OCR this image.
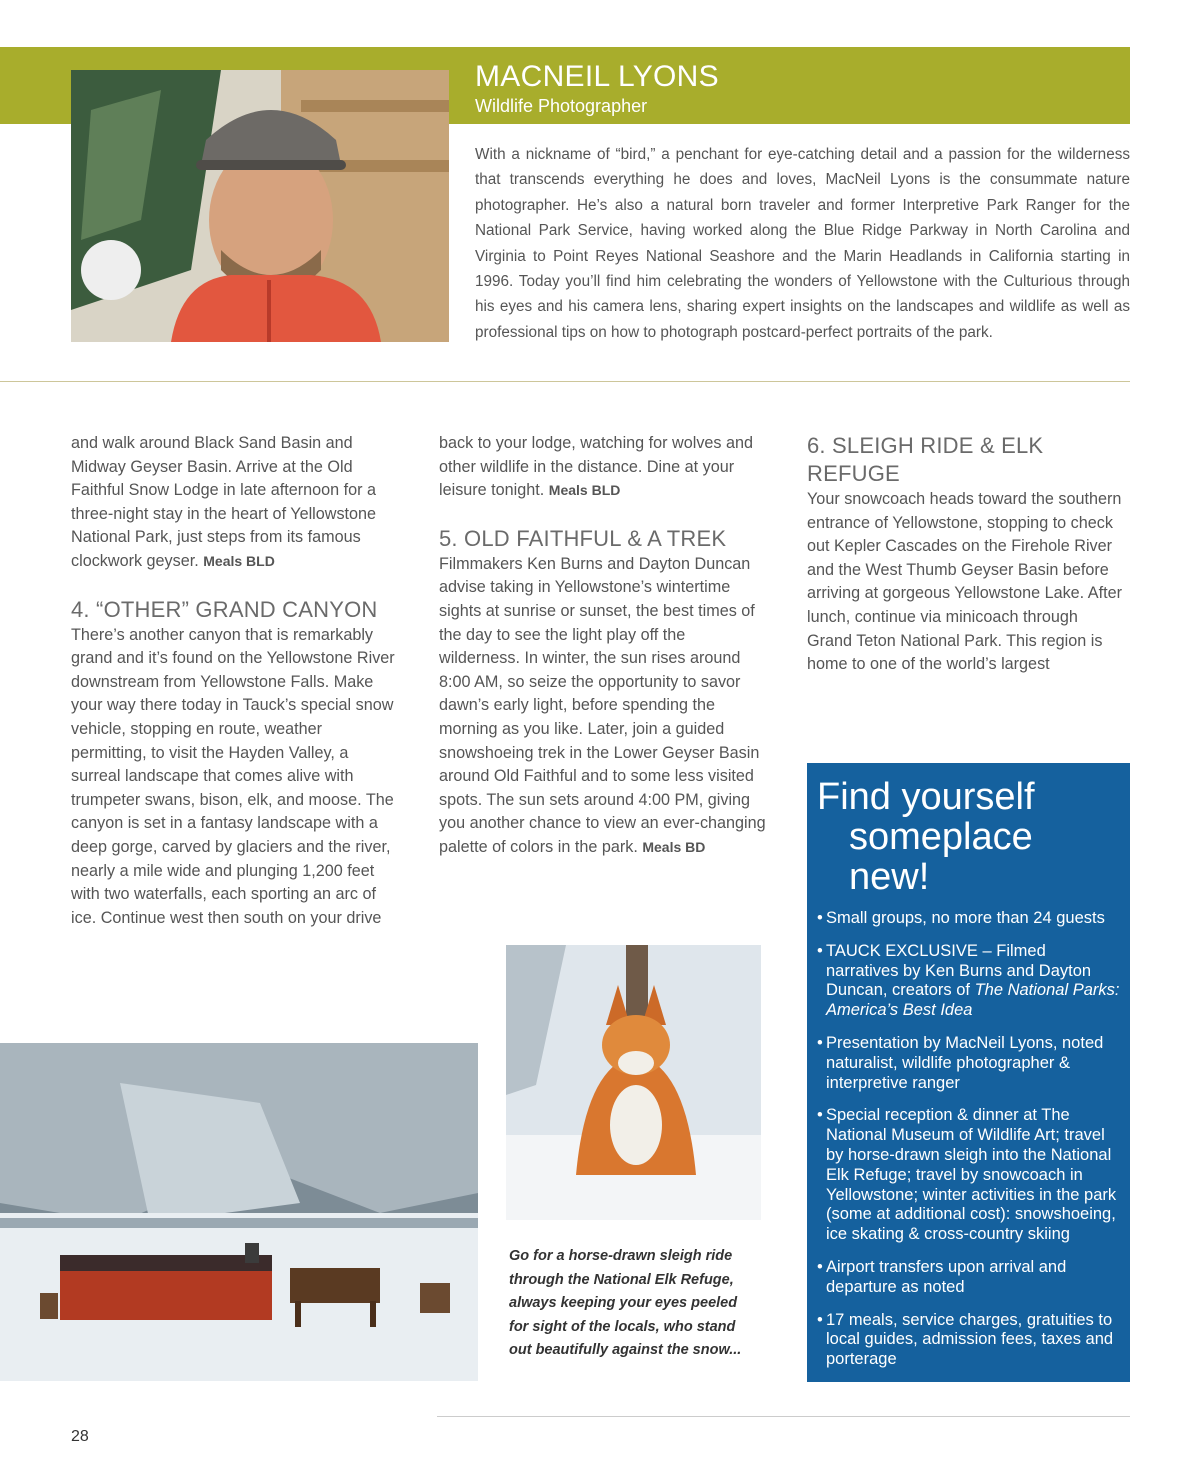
MACNEIL LYONS
Wildlife Photographer
With a nickname of “bird,” a penchant for eye-catching detail and a passion for the wilderness that transcends everything he does and loves, MacNeil Lyons is the consummate nature photographer. He’s also a natural born traveler and former Interpretive Park Ranger for the National Park Service, having worked along the Blue Ridge Parkway in North Carolina and Virginia to Point Reyes National Seashore and the Marin Headlands in California starting in 1996. Today you’ll find him celebrating the wonders of Yellowstone with the Culturious through his eyes and his camera lens, sharing expert insights on the landscapes and wildlife as well as professional tips on how to photograph postcard-perfect portraits of the park.

and walk around Black Sand Basin and Midway Geyser Basin. Arrive at the Old Faithful Snow Lodge in late afternoon for a three-night stay in the heart of Yellowstone National Park, just steps from its famous clockwork geyser. Meals BLD

4. “OTHER” GRAND CANYON

There’s another canyon that is remarkably grand and it’s found on the Yellowstone River downstream from Yellowstone Falls. Make your way there today in Tauck’s special snow vehicle, stopping en route, weather permitting, to visit the Hayden Valley, a surreal landscape that comes alive with trumpeter swans, bison, elk, and moose. The canyon is set in a fantasy landscape with a deep gorge, carved by glaciers and the river, nearly a mile wide and plunging 1,200 feet with two waterfalls, each sporting an arc of ice. Continue west then south on your drive

back to your lodge, watching for wolves and other wildlife in the distance. Dine at your leisure tonight. Meals BLD

5. OLD FAITHFUL & A TREK

Filmmakers Ken Burns and Dayton Duncan advise taking in Yellowstone’s wintertime sights at sunrise or sunset, the best times of the day to see the light play off the wilderness. In winter, the sun rises around 8:00 AM, so seize the opportunity to savor dawn’s early light, before spending the morning as you like. Later, join a guided snowshoeing trek in the Lower Geyser Basin around Old Faithful and to some less visited spots. The sun sets around 4:00 PM, giving you another chance to view an ever-changing palette of colors in the park. Meals BD

6. SLEIGH RIDE & ELK REFUGE

Your snowcoach heads toward the southern entrance of Yellowstone, stopping to check out Kepler Cascades on the Firehole River and the West Thumb Geyser Basin before arriving at gorgeous Yellowstone Lake. After lunch, continue via minicoach through Grand Teton National Park. This region is home to one of the world’s largest

Go for a horse-drawn sleigh ride through the National Elk Refuge, always keeping your eyes peeled for sight of the locals, who stand out beautifully against the snow...
Find yourself
someplace new!
• Small groups, no more than 24 guests
• TAUCK EXCLUSIVE – Filmed narratives by Ken Burns and Dayton Duncan, creators of The National Parks: America’s Best Idea
• Presentation by MacNeil Lyons, noted naturalist, wildlife photographer & interpretive ranger
• Special reception & dinner at The National Museum of Wildlife Art; travel by horse-drawn sleigh into the National Elk Refuge; travel by snowcoach in Yellowstone; winter activities in the park (some at additional cost): snowshoeing, ice skating & cross-country skiing
• Airport transfers upon arrival and departure as noted
• 17 meals, service charges, gratuities to local guides, admission fees, taxes and porterage
28
